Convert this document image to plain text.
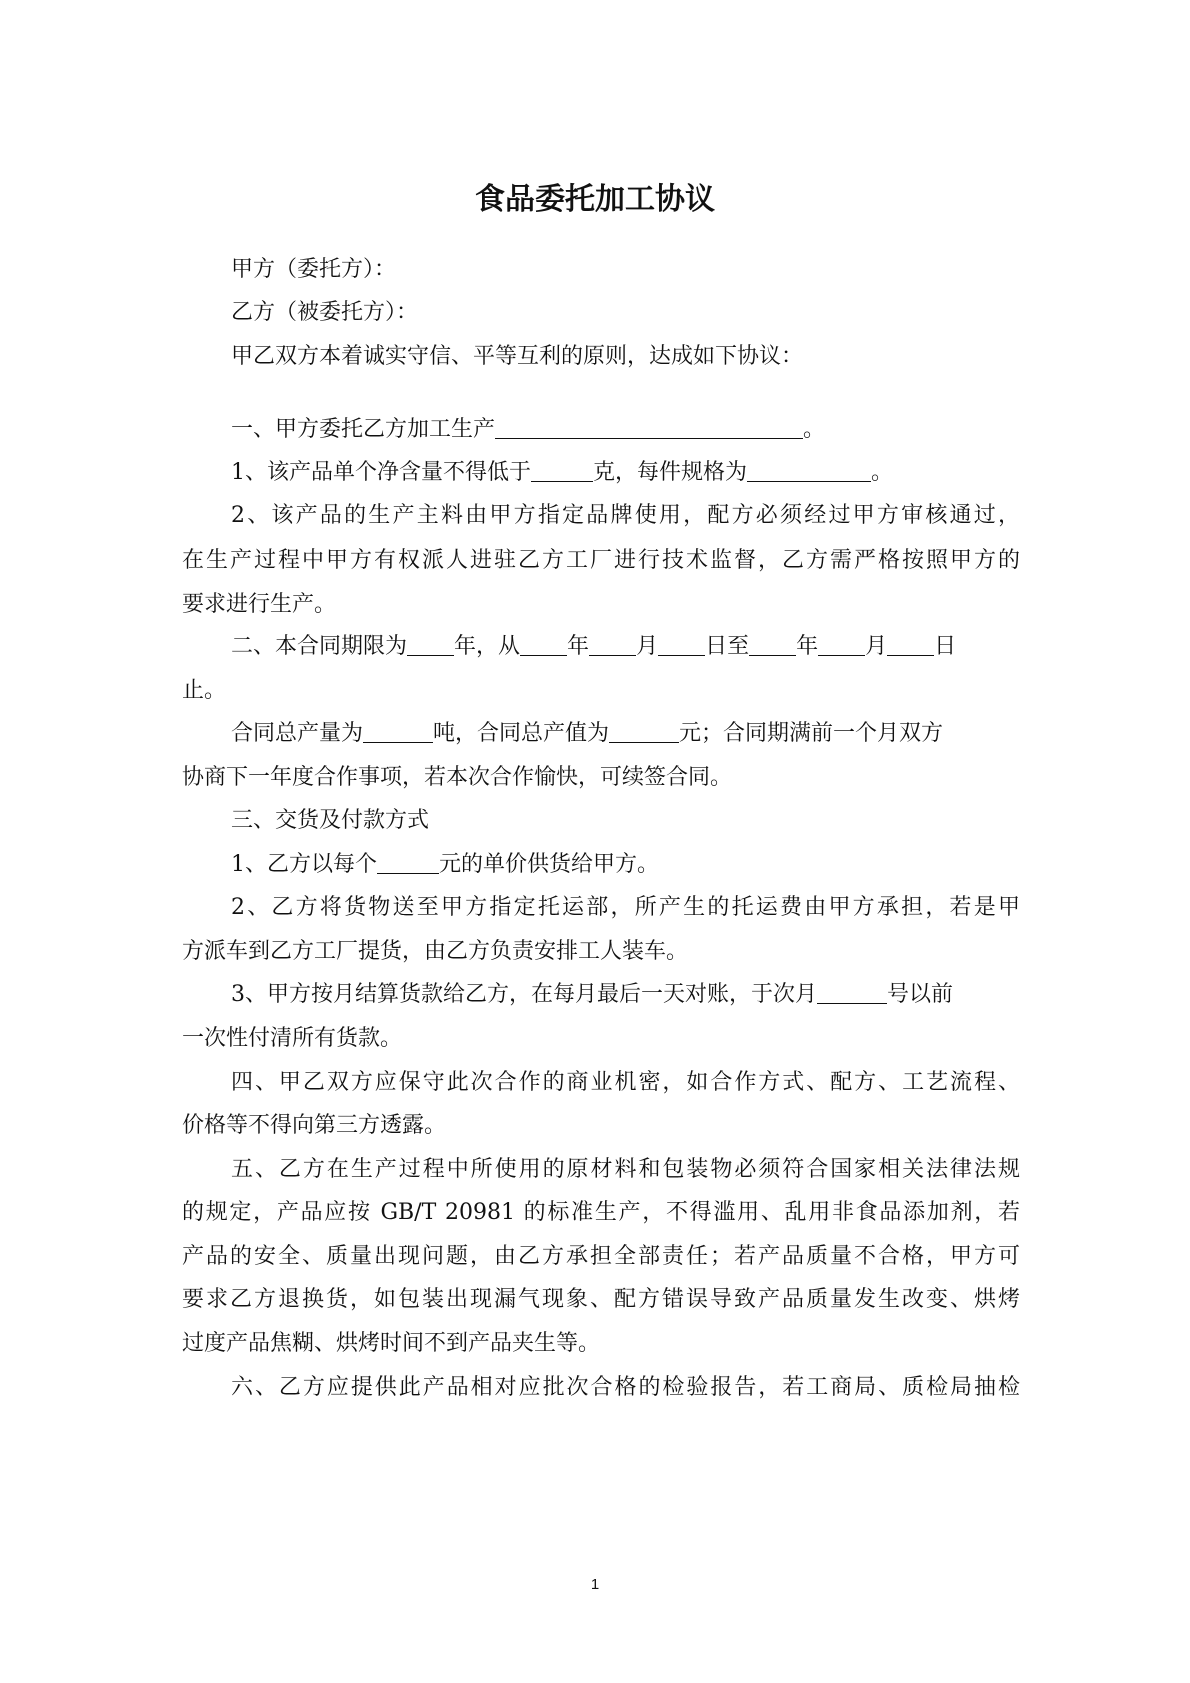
食品委托加工协议
甲方（委托方）：
乙方（被委托方）：
甲乙双方本着诚实守信、平等互利的原则，达成如下协议：
一、甲方委托乙方加工生产	。
1、该产品单个净含量不得低于	克，每件规格为	。
2、该产品的生产主料由甲方指定品牌使用，配方必须经过甲方审核通过，
在生产过程中甲方有权派人进驻乙方工厂进行技术监督，乙方需严格按照甲方的
要求进行生产。
二、本合同期限为 年，从 年 月 日至 年 月 日
止。
合同总产量为	吨，合同总产值为	元；合同期满前一个月双方
协商下一年度合作事项，若本次合作愉快，可续签合同。
三、交货及付款方式
1、乙方以每个	元的单价供货给甲方。
2、乙方将货物送至甲方指定托运部，所产生的托运费由甲方承担，若是甲
方派车到乙方工厂提货，由乙方负责安排工人装车。
3、甲方按月结算货款给乙方，在每月最后一天对账，于次月	号以前
一次性付清所有货款。
四、甲乙双方应保守此次合作的商业机密，如合作方式、配方、工艺流程、
价格等不得向第三方透露。
五、乙方在生产过程中所使用的原材料和包装物必须符合国家相关法律法规
的规定，产品应按 GB/T 20981 的标准生产，不得滥用、乱用非食品添加剂，若
产品的安全、质量出现问题，由乙方承担全部责任；若产品质量不合格，甲方可
要求乙方退换货，如包装出现漏气现象、配方错误导致产品质量发生改变、烘烤
过度产品焦糊、烘烤时间不到产品夹生等。
六、乙方应提供此产品相对应批次合格的检验报告，若工商局、质检局抽检
1
